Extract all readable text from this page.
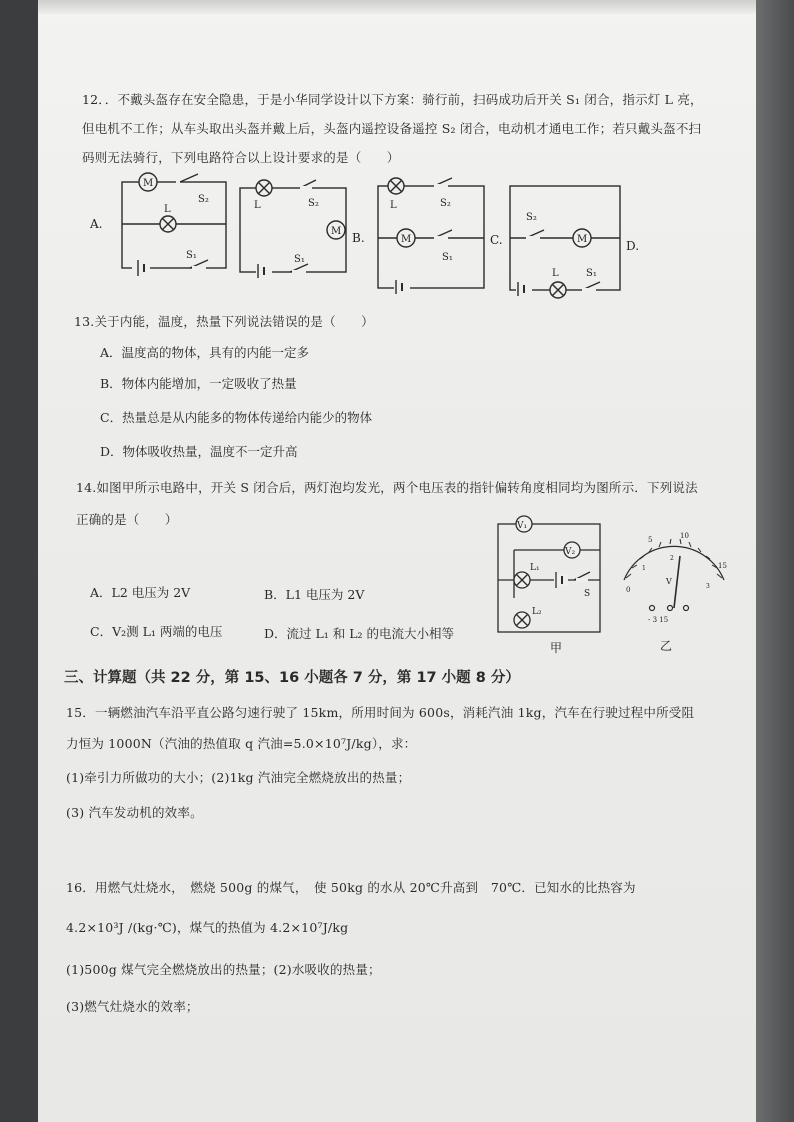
12．．不戴头盔存在安全隐患，于是小华同学设计以下方案：骑行前，扫码成功后开关 S₁ 闭合，指示灯 L 亮，
但电机不工作；从车头取出头盔并戴上后，头盔内遥控设备遥控 S₂ 闭合，电动机才通电工作；若只戴头盔不扫
码则无法骑行，下列电路符合以上设计要求的是（　　）
A.
M
S₂
L
S₁
L	S₂
M
S₁
B.
L	S₂
M
S₁
C.
S₂
M
L	S₁
D.
13.关于内能，温度，热量下列说法错误的是（　　）
A．温度高的物体，具有的内能一定多
B．物体内能增加，一定吸收了热量
C．热量总是从内能多的物体传递给内能少的物体
D．物体吸收热量，温度不一定升高
14.如图甲所示电路中，开关 S 闭合后，两灯泡均发光，两个电压表的指针偏转角度相同均为图所示．下列说法
正确的是（　　）
A．L2 电压为 2V	B．L1 电压为 2V
C．V₂测 L₁ 两端的电压	D．流过 L₁ 和 L₂ 的电流大小相等
V₁
V₂
L₁
S
L₂
甲
0
5	10
15
1
2
3
V
- 3 15
乙
三、计算题（共 22 分，第 15、16 小题各 7 分，第 17 小题 8 分）
15．一辆燃油汽车沿平直公路匀速行驶了 15km，所用时间为 600s，消耗汽油 1kg，汽车在行驶过程中所受阻
力恒为 1000N（汽油的热值取 q 汽油=5.0×10⁷J/kg），求：
(1)牵引力所做功的大小；(2)1kg 汽油完全燃烧放出的热量；
(3) 汽车发动机的效率。
16．用燃气灶烧水，　燃烧 500g 的煤气，　使 50kg 的水从 20℃升高到　70℃．已知水的比热容为
4.2×10³J /(kg·℃)，煤气的热值为 4.2×10⁷J/kg
(1)500g 煤气完全燃烧放出的热量；(2)水吸收的热量；
(3)燃气灶烧水的效率；
